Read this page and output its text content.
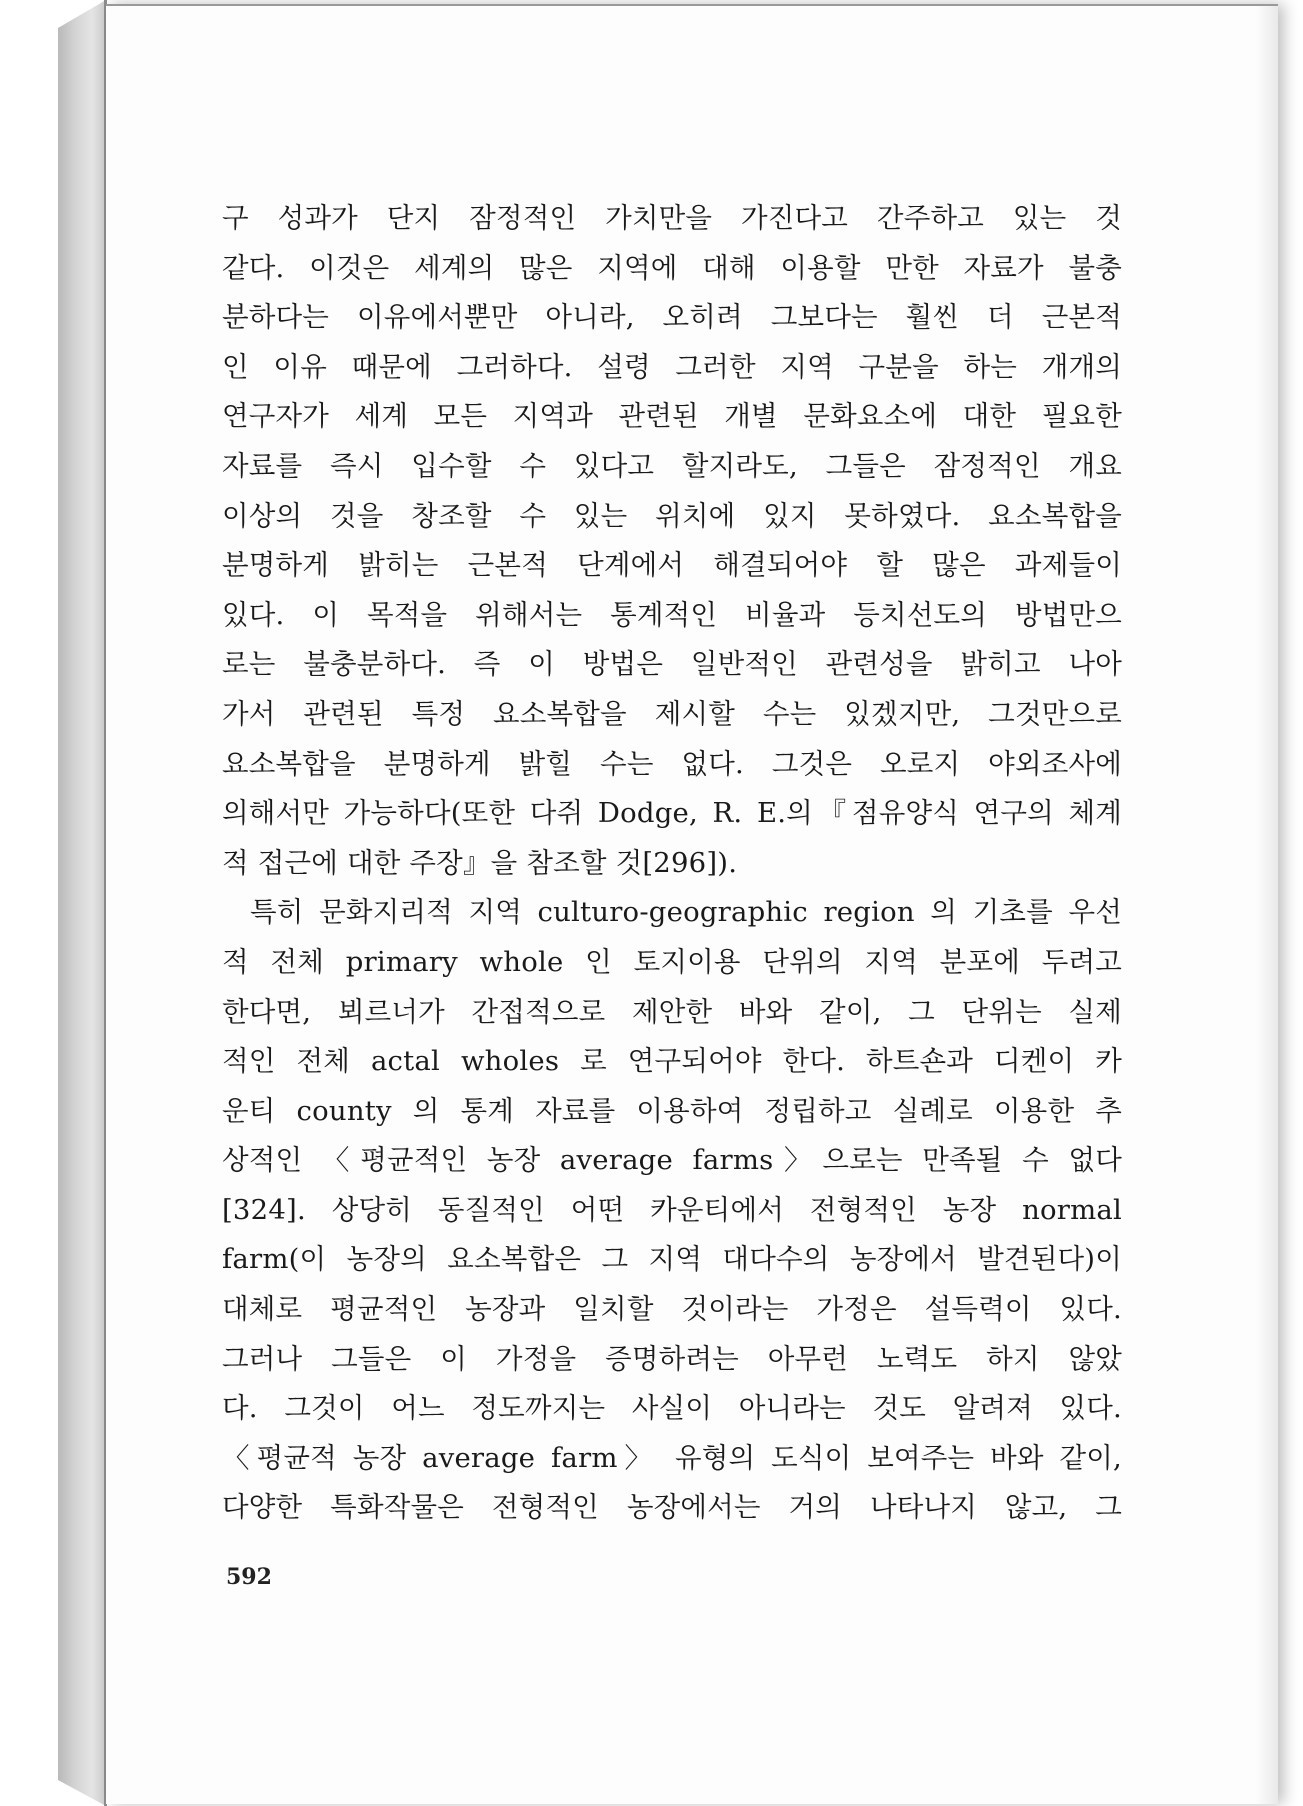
구 성과가 단지 잠정적인 가치만을 가진다고 간주하고 있는 것
같다. 이것은 세계의 많은 지역에 대해 이용할 만한 자료가 불충
분하다는 이유에서뿐만 아니라, 오히려 그보다는 훨씬 더 근본적
인 이유 때문에 그러하다. 설령 그러한 지역 구분을 하는 개개의
연구자가 세계 모든 지역과 관련된 개별 문화요소에 대한 필요한
자료를 즉시 입수할 수 있다고 할지라도, 그들은 잠정적인 개요
이상의 것을 창조할 수 있는 위치에 있지 못하였다. 요소복합을
분명하게 밝히는 근본적 단계에서 해결되어야 할 많은 과제들이
있다. 이 목적을 위해서는 통계적인 비율과 등치선도의 방법만으
로는 불충분하다. 즉 이 방법은 일반적인 관련성을 밝히고 나아
가서 관련된 특정 요소복합을 제시할 수는 있겠지만, 그것만으로
요소복합을 분명하게 밝힐 수는 없다. 그것은 오로지 야외조사에
의해서만 가능하다(또한 다쥐 Dodge, R. E.의『점유양식 연구의 체계
적 접근에 대한 주장』을 참조할 것[296]).
특히 문화지리적 지역 culturo-geographic region 의 기초를 우선
적 전체 primary whole 인 토지이용 단위의 지역 분포에 두려고
한다면, 뵈르너가 간접적으로 제안한 바와 같이, 그 단위는 실제
적인 전체 actal wholes 로 연구되어야 한다. 하트숀과 디켄이 카
운티 county 의 통계 자료를 이용하여 정립하고 실례로 이용한 추
상적인 〈평균적인 농장 average farms〉으로는 만족될 수 없다
[324]. 상당히 동질적인 어떤 카운티에서 전형적인 농장 normal
farm(이 농장의 요소복합은 그 지역 대다수의 농장에서 발견된다)이
대체로 평균적인 농장과 일치할 것이라는 가정은 설득력이 있다.
그러나 그들은 이 가정을 증명하려는 아무런 노력도 하지 않았
다. 그것이 어느 정도까지는 사실이 아니라는 것도 알려져 있다.
〈평균적 농장 average farm〉 유형의 도식이 보여주는 바와 같이,
다양한 특화작물은 전형적인 농장에서는 거의 나타나지 않고, 그
592
